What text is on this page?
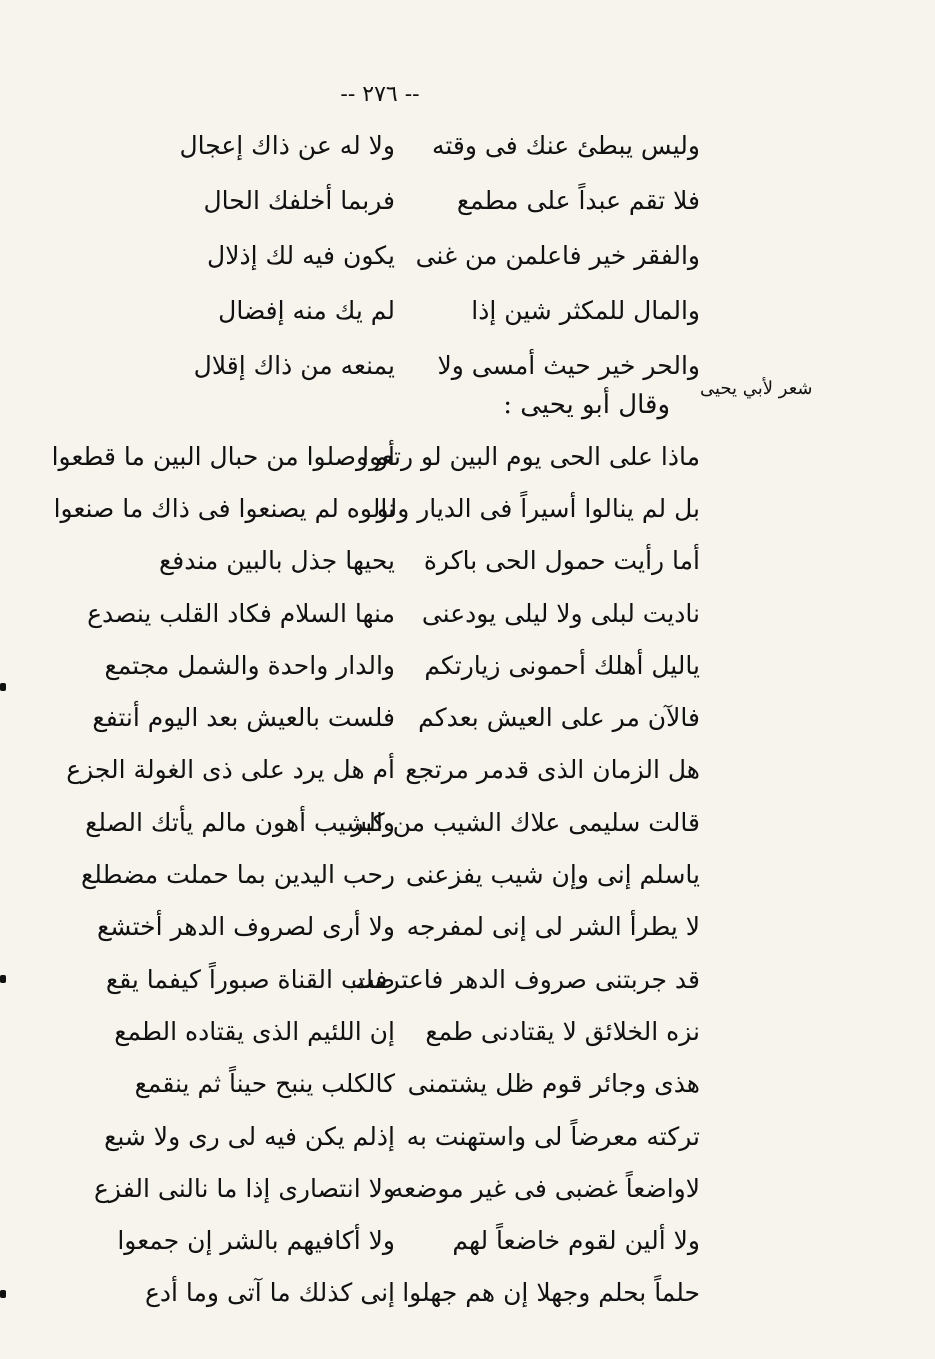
-- ٢٧٦ --
وليس يبطئ عنك فى وقته
ولا له عن ذاك إعجال
فلا تقم عبداً على مطمع
فربما أخلفك الحال
والفقر خير فاعلمن من غنى
يكون فيه لك إذلال
والمال للمكثر شين إذا
لم يك منه إفضال
والحر خير حيث أمسى ولا
يمنعه من ذاك إقلال
وقال أبو يحيى :
شعر لأبي يحيى
ماذا على الحى يوم البين لو رتعوا
أو وصلوا من حبال البين ما قطعوا
بل لم ينالوا أسيراً فى الديار ولو
نالوه لم يصنعوا فى ذاك ما صنعوا
أما رأيت حمول الحى باكرة
يحيها جذل بالبين مندفع
ناديت لبلى ولا ليلى يودعنى
منها السلام فكاد القلب ينصدع
ياليل أهلك أحمونى زيارتكم
والدار واحدة والشمل مجتمع
فالآن مر على العيش بعدكم
فلست بالعيش بعد اليوم أنتفع
هل الزمان الذى قدمر مرتجع
أم هل يرد على ذى الغولة الجزع
قالت سليمى علاك الشيب من كبر
والشيب أهون مالم يأتك الصلع
ياسلم إنى وإن شيب يفزعنى
رحب اليدين بما حملت مضطلع
لا يطرأ الشر لى إنى لمفرجه
ولا أرى لصروف الدهر أختشع
قد جربتنى صروف الدهر فاعترفت
صلب القناة صبوراً كيفما يقع
نزه الخلائق لا يقتادنى طمع
إن اللئيم الذى يقتاده الطمع
هذى وجائر قوم ظل يشتمنى
كالكلب ينبح حيناً ثم ينقمع
تركته معرضاً لى واستهنت به
إذلم يكن فيه لى رى ولا شبع
لاواضعاً غضبى فى غير موضعه
ولا انتصارى إذا ما نالنى الفزع
ولا ألين لقوم خاضعاً لهم
ولا أكافيهم بالشر إن جمعوا
حلماً بحلم وجهلا إن هم جهلوا
إنى كذلك ما آتى وما أدع
